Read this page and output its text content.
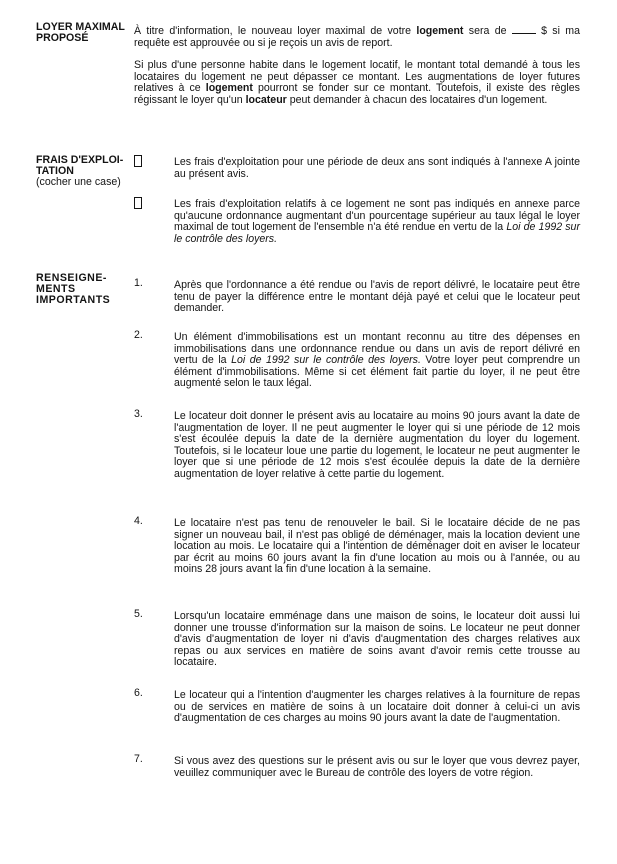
LOYER MAXIMAL PROPOSÉ

À titre d'information, le nouveau loyer maximal de votre logement sera de	$ si ma requête est approuvée ou si je reçois un avis de report.

Si plus d'une personne habite dans le logement locatif, le montant total demandé à tous les locataires du logement ne peut dépasser ce montant. Les augmentations de loyer futures relatives à ce logement pourront se fonder sur ce montant. Toutefois, il existe des règles régissant le loyer qu'un locateur peut demander à chacun des locataires d'un logement.

FRAIS D'EXPLOI-TATION
(cocher une case)

Les frais d'exploitation pour une période de deux ans sont indiqués à l'annexe A jointe au présent avis.

Les frais d'exploitation relatifs à ce logement ne sont pas indiqués en annexe parce qu'aucune ordonnance augmentant d'un pourcentage supérieur au taux légal le loyer maximal de tout logement de l'ensemble n'a été rendue en vertu de la Loi de 1992 sur le contrôle des loyers.

RENSEIGNE-MENTS IMPORTANTS
1.	Après que l'ordonnance a été rendue ou l'avis de report délivré, le locataire peut être tenu de payer la différence entre le montant déjà payé et celui que le locateur peut demander.

2.	Un élément d'immobilisations est un montant reconnu au titre des dépenses en immobilisations dans une ordonnance rendue ou dans un avis de report délivré en vertu de la Loi de 1992 sur le contrôle des loyers. Votre loyer peut comprendre un élément d'immobilisations. Même si cet élément fait partie du loyer, il ne peut être augmenté selon le taux légal.

3.	Le locateur doit donner le présent avis au locataire au moins 90 jours avant la date de l'augmentation de loyer. Il ne peut augmenter le loyer qui si une période de 12 mois s'est écoulée depuis la date de la dernière augmentation du loyer du logement. Toutefois, si le locateur loue une partie du logement, le locateur ne peut augmenter le loyer que si une période de 12 mois s'est écoulée depuis la date de la dernière augmentation de loyer relative à cette partie du logement.

4.	Le locataire n'est pas tenu de renouveler le bail. Si le locataire décide de ne pas signer un nouveau bail, il n'est pas obligé de déménager, mais la location devient une location au mois. Le locataire qui a l'intention de déménager doit en aviser le locateur par écrit au moins 60 jours avant la fin d'une location au mois ou à l'année, ou au moins 28 jours avant la fin d'une location à la semaine.

5.	Lorsqu'un locataire emménage dans une maison de soins, le locateur doit aussi lui donner une trousse d'information sur la maison de soins. Le locateur ne peut donner d'avis d'augmentation de loyer ni d'avis d'augmentation des charges relatives aux repas ou aux services en matière de soins avant d'avoir remis cette trousse au locataire.

6.	Le locateur qui a l'intention d'augmenter les charges relatives à la fourniture de repas ou de services en matière de soins à un locataire doit donner à celui-ci un avis d'augmentation de ces charges au moins 90 jours avant la date de l'augmentation.

7.	Si vous avez des questions sur le présent avis ou sur le loyer que vous devrez payer, veuillez communiquer avec le Bureau de contrôle des loyers de votre région.
